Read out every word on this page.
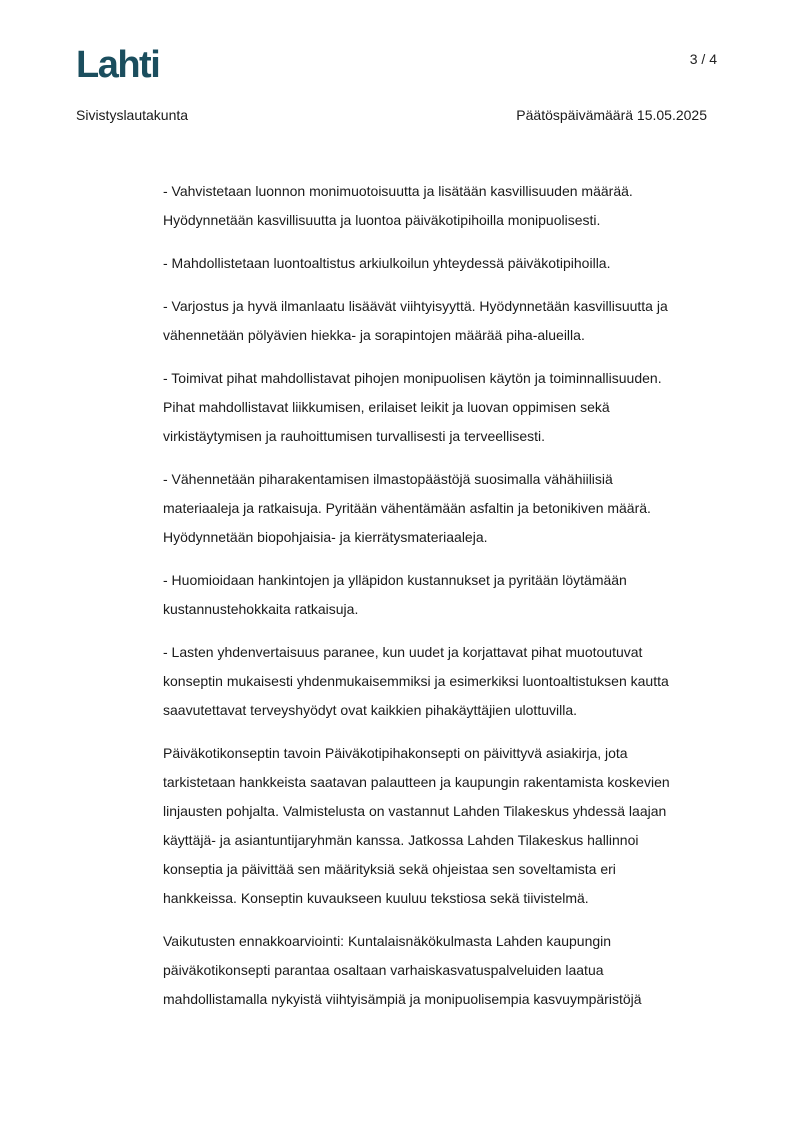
Lahti	3 / 4
Sivistyslautakunta	Päätöspäivämäärä 15.05.2025

- Vahvistetaan luonnon monimuotoisuutta ja lisätään kasvillisuuden määrää.
Hyödynnetään kasvillisuutta ja luontoa päiväkotipihoilla monipuolisesti.

- Mahdollistetaan luontoaltistus arkiulkoilun yhteydessä päiväkotipihoilla.

- Varjostus ja hyvä ilmanlaatu lisäävät viihtyisyyttä. Hyödynnetään kasvillisuutta ja
vähennetään pölyävien hiekka- ja sorapintojen määrää piha-alueilla.

- Toimivat pihat mahdollistavat pihojen monipuolisen käytön ja toiminnallisuuden.
Pihat mahdollistavat liikkumisen, erilaiset leikit ja luovan oppimisen sekä
virkistäytymisen ja rauhoittumisen turvallisesti ja terveellisesti.

- Vähennetään piharakentamisen ilmastopäästöjä suosimalla vähähiilisiä
materiaaleja ja ratkaisuja. Pyritään vähentämään asfaltin ja betonikiven määrä.
Hyödynnetään biopohjaisia- ja kierrätysmateriaaleja.

- Huomioidaan hankintojen ja ylläpidon kustannukset ja pyritään löytämään
kustannustehokkaita ratkaisuja.

- Lasten yhdenvertaisuus paranee, kun uudet ja korjattavat pihat muotoutuvat
konseptin mukaisesti yhdenmukaisemmiksi ja esimerkiksi luontoaltistuksen kautta
saavutettavat terveyshyödyt ovat kaikkien pihakäyttäjien ulottuvilla.

Päiväkotikonseptin tavoin Päiväkotipihakonsepti on päivittyvä asiakirja, jota
tarkistetaan hankkeista saatavan palautteen ja kaupungin rakentamista koskevien
linjausten pohjalta. Valmistelusta on vastannut Lahden Tilakeskus yhdessä laajan
käyttäjä- ja asiantuntijaryhmän kanssa. Jatkossa Lahden Tilakeskus hallinnoi
konseptia ja päivittää sen määrityksiä sekä ohjeistaa sen soveltamista eri
hankkeissa. Konseptin kuvaukseen kuuluu tekstiosa sekä tiivistelmä.

Vaikutusten ennakkoarviointi: Kuntalaisnäkökulmasta Lahden kaupungin
päiväkotikonsepti parantaa osaltaan varhaiskasvatuspalveluiden laatua
mahdollistamalla nykyistä viihtyisämpiä ja monipuolisempia kasvuympäristöjä
